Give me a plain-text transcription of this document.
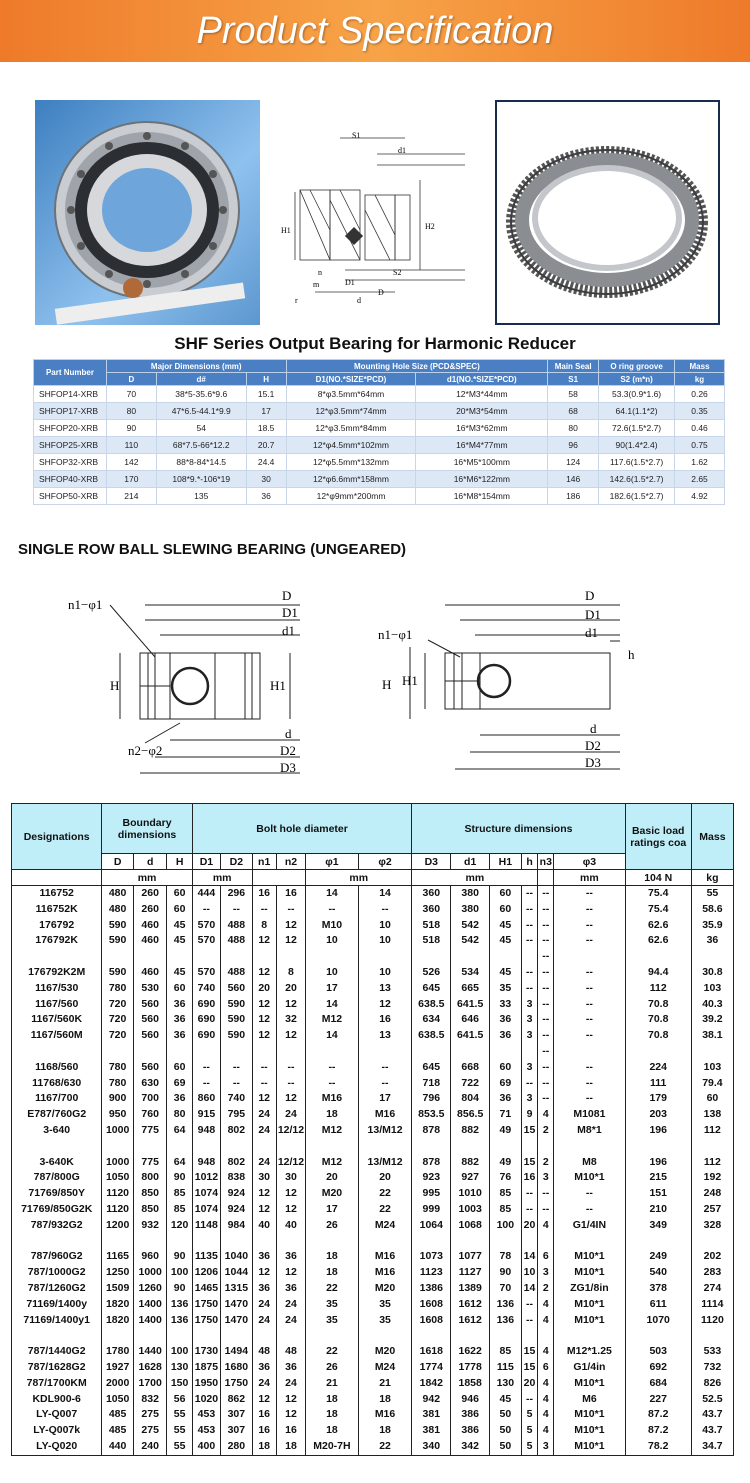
Product Specification
S1
d1
H1	H2
S2
D1
D
d
m
n
r
SHF Series Output Bearing for Harmonic Reducer
Part Number	Major Dimensions (mm)			Mounting Hole Size (PCD&SPEC)		Main Seal	O ring groove	Mass
	D	d#	H	D1(NO.*SIZE*PCD)	d1(NO.*SIZE*PCD)	S1	S2 (m*n)	kg
SHFOP14-XRB	70	38*5-35.6*9.6	15.1	8*φ3.5mm*64mm	12*M3*44mm	58	53.3(0.9*1.6)	0.26
SHFOP17-XRB	80	47*6.5-44.1*9.9	17	12*φ3.5mm*74mm	20*M3*54mm	68	64.1(1.1*2)	0.35
SHFOP20-XRB	90	54	18.5	12*φ3.5mm*84mm	16*M3*62mm	80	72.6(1.5*2.7)	0.46
SHFOP25-XRB	110	68*7.5-66*12.2	20.7	12*φ4.5mm*102mm	16*M4*77mm	96	90(1.4*2.4)	0.75
SHFOP32-XRB	142	88*8-84*14.5	24.4	12*φ5.5mm*132mm	16*M5*100mm	124	117.6(1.5*2.7)	1.62
SHFOP40-XRB	170	108*9.*-106*19	30	12*φ6.6mm*158mm	16*M6*122mm	146	142.6(1.5*2.7)	2.65
SHFOP50-XRB	214	135	36	12*φ9mm*200mm	16*M8*154mm	186	182.6(1.5*2.7)	4.92
SINGLE ROW BALL SLEWING BEARING (UNGEARED)
n1−φ1
D
D1
d1
H	H1
n2−φ2
d
D2
D3
n1−φ1
D
D1
d1
h
H H1
d
D2
D3
Designations	Boundary dimensions			Bolt hole diameter						Structure dimensions						Basic load ratings coa	Mass
	D	d	H	D1	D2	n1	n2	φ1	φ2	D3	d1	H1	h	n3	φ3		
	mm			mm				mm		mm					mm	104 N	kg
116752	480	260	60	444	296	16	16	14	14	360	380	60	--	--	--	75.4	55
116752K	480	260	60	--	--	--	--	--	--	360	380	60	--	--	--	75.4	58.6
176792	590	460	45	570	488	8	12	M10	10	518	542	45	--	--	--	62.6	35.9
176792K	590	460	45	570	488	12	12	10	10	518	542	45	--	--	--	62.6	36
														--			
176792K2M	590	460	45	570	488	12	8	10	10	526	534	45	--	--	--	94.4	30.8
1167/530	780	530	60	740	560	20	20	17	13	645	665	35	--	--	--	112	103
1167/560	720	560	36	690	590	12	12	14	12	638.5	641.5	33	3	--	--	70.8	40.3
1167/560K	720	560	36	690	590	12	32	M12	16	634	646	36	3	--	--	70.8	39.2
1167/560M	720	560	36	690	590	12	12	14	13	638.5	641.5	36	3	--	--	70.8	38.1
														--			
1168/560	780	560	60	--	--	--	--	--	--	645	668	60	3	--	--	224	103
11768/630	780	630	69	--	--	--	--	--	--	718	722	69	--	--	--	111	79.4
1167/700	900	700	36	860	740	12	12	M16	17	796	804	36	3	--	--	179	60
E787/760G2	950	760	80	915	795	24	24	18	M16	853.5	856.5	71	9	4	M1081	203	138
3-640	1000	775	64	948	802	24	12/12	M12	13/M12	878	882	49	15	2	M8*1	196	112

3-640K	1000	775	64	948	802	24	12/12	M12	13/M12	878	882	49	15	2	M8	196	112
787/800G	1050	800	90	1012	838	30	30	20	20	923	927	76	16	3	M10*1	215	192
71769/850Y	1120	850	85	1074	924	12	12	M20	22	995	1010	85	--	--	--	151	248
71769/850G2K	1120	850	85	1074	924	12	12	17	22	999	1003	85	--	--	--	210	257
787/932G2	1200	932	120	1148	984	40	40	26	M24	1064	1068	100	20	4	G1/4IN	349	328

787/960G2	1165	960	90	1135	1040	36	36	18	M16	1073	1077	78	14	6	M10*1	249	202
787/1000G2	1250	1000	100	1206	1044	12	12	18	M16	1123	1127	90	10	3	M10*1	540	283
787/1260G2	1509	1260	90	1465	1315	36	36	22	M20	1386	1389	70	14	2	ZG1/8in	378	274
71169/1400y	1820	1400	136	1750	1470	24	24	35	35	1608	1612	136	--	4	M10*1	611	1114
71169/1400y1	1820	1400	136	1750	1470	24	24	35	35	1608	1612	136	--	4	M10*1	1070	1120

787/1440G2	1780	1440	100	1730	1494	48	48	22	M20	1618	1622	85	15	4	M12*1.25	503	533
787/1628G2	1927	1628	130	1875	1680	36	36	26	M24	1774	1778	115	15	6	G1/4in	692	732
787/1700KM	2000	1700	150	1950	1750	24	24	21	21	1842	1858	130	20	4	M10*1	684	826
KDL900-6	1050	832	56	1020	862	12	12	18	18	942	946	45	--	4	M6	227	52.5
LY-Q007	485	275	55	453	307	16	12	18	M16	381	386	50	5	4	M10*1	87.2	43.7
LY-Q007k	485	275	55	453	307	16	16	18	18	381	386	50	5	4	M10*1	87.2	43.7
LY-Q020	440	240	55	400	280	18	18	M20-7H	22	340	342	50	5	3	M10*1	78.2	34.7
